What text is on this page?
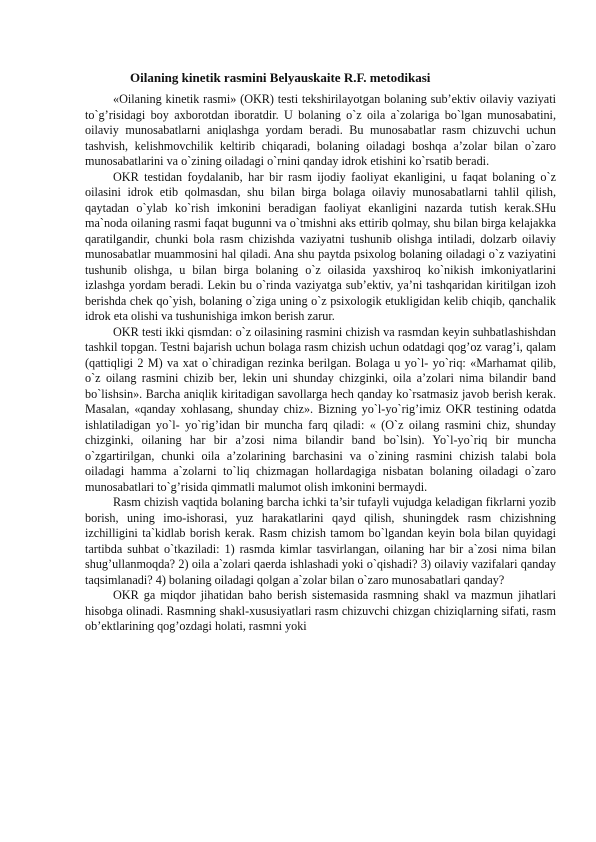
Oilaning kinetik rasmini Belyauskaite R.F. metodikasi

«Oilaning kinetik rasmi» (OKR) testi tekshirilayotgan bolaning sub’ektiv oilaviy vaziyati to`g’risidagi boy axborotdan iboratdir. U bolaning o`z oila a`zolariga bo`lgan munosabatini, oilaviy munosabatlarni aniqlashga yordam beradi. Bu munosabatlar rasm chizuvchi uchun tashvish, kelishmovchilik keltirib chiqaradi, bolaning oiladagi boshqa a’zolar bilan o`zaro munosabatlarini va o`zining oiladagi o`rnini qanday idrok etishini ko`rsatib beradi.

OKR testidan foydalanib, har bir rasm ijodiy faoliyat ekanligini, u faqat bolaning o`z oilasini idrok etib qolmasdan, shu bilan birga bolaga oilaviy munosabatlarni tahlil qilish, qaytadan o`ylab ko`rish imkonini beradigan faoliyat ekanligini nazarda tutish kerak.SHu ma`noda oilaning rasmi faqat bugunni va o`tmishni aks ettirib qolmay, shu bilan birga kelajakka qaratilgandir, chunki bola rasm chizishda vaziyatni tushunib olishga intiladi, dolzarb oilaviy munosabatlar muammosini hal qiladi. Ana shu paytda psixolog bolaning oiladagi o`z vaziyatini tushunib olishga, u bilan birga bolaning o`z oilasida yaxshiroq ko`nikish imkoniyatlarini izlashga yordam beradi. Lekin bu o`rinda vaziyatga sub’ektiv, ya’ni tashqaridan kiritilgan izoh berishda chek qo`yish, bolaning o`ziga uning o`z psixologik etukligidan kelib chiqib, qanchalik idrok eta olishi va tushunishiga imkon berish zarur.

OKR testi ikki qismdan: o`z oilasining rasmini chizish va rasmdan keyin suhbatlashishdan tashkil topgan. Testni bajarish uchun bolaga rasm chizish uchun odatdagi qog’oz varag’i, qalam (qattiqligi 2 M) va xat o`chiradigan rezinka berilgan. Bolaga u yo`l- yo`riq: «Marhamat qilib, o`z oilang rasmini chizib ber, lekin uni shunday chizginki, oila a’zolari nima bilandir band bo`lishsin». Barcha aniqlik kiritadigan savollarga hech qanday ko`rsatmasiz javob berish kerak. Masalan, «qanday xohlasang, shunday chiz». Bizning yo`l-yo`rig’imiz OKR testining odatda ishlatiladigan yo`l- yo`rig’idan bir muncha farq qiladi: « (O`z oilang rasmini chiz, shunday chizginki, oilaning har bir a’zosi nima bilandir band bo`lsin). Yo`l-yo`riq bir muncha o`zgartirilgan, chunki oila a’zolarining barchasini va o`zining rasmini chizish talabi bola oiladagi hamma a`zolarni to`liq chizmagan hollardagiga nisbatan bolaning oiladagi o`zaro munosabatlari to`g’risida qimmatli malumot olish imkonini bermaydi.

Rasm chizish vaqtida bolaning barcha ichki ta’sir tufayli vujudga keladigan fikrlarni yozib borish, uning imo-ishorasi, yuz harakatlarini qayd qilish, shuningdek rasm chizishning izchilligini ta`kidlab borish kerak. Rasm chizish tamom bo`lgandan keyin bola bilan quyidagi tartibda suhbat o`tkaziladi: 1) rasmda kimlar tasvirlangan, oilaning har bir a`zosi nima bilan shug’ullanmoqda? 2) oila a`zolari qaerda ishlashadi yoki o`qishadi? 3) oilaviy vazifalari qanday taqsimlanadi? 4) bolaning oiladagi qolgan a`zolar bilan o`zaro munosabatlari qanday?

OKR ga miqdor jihatidan baho berish sistemasida rasmning shakl va mazmun jihatlari hisobga olinadi. Rasmning shakl-xususiyatlari rasm chizuvchi chizgan chiziqlarning sifati, rasm ob’ektlarining qog’ozdagi holati, rasmni yoki
